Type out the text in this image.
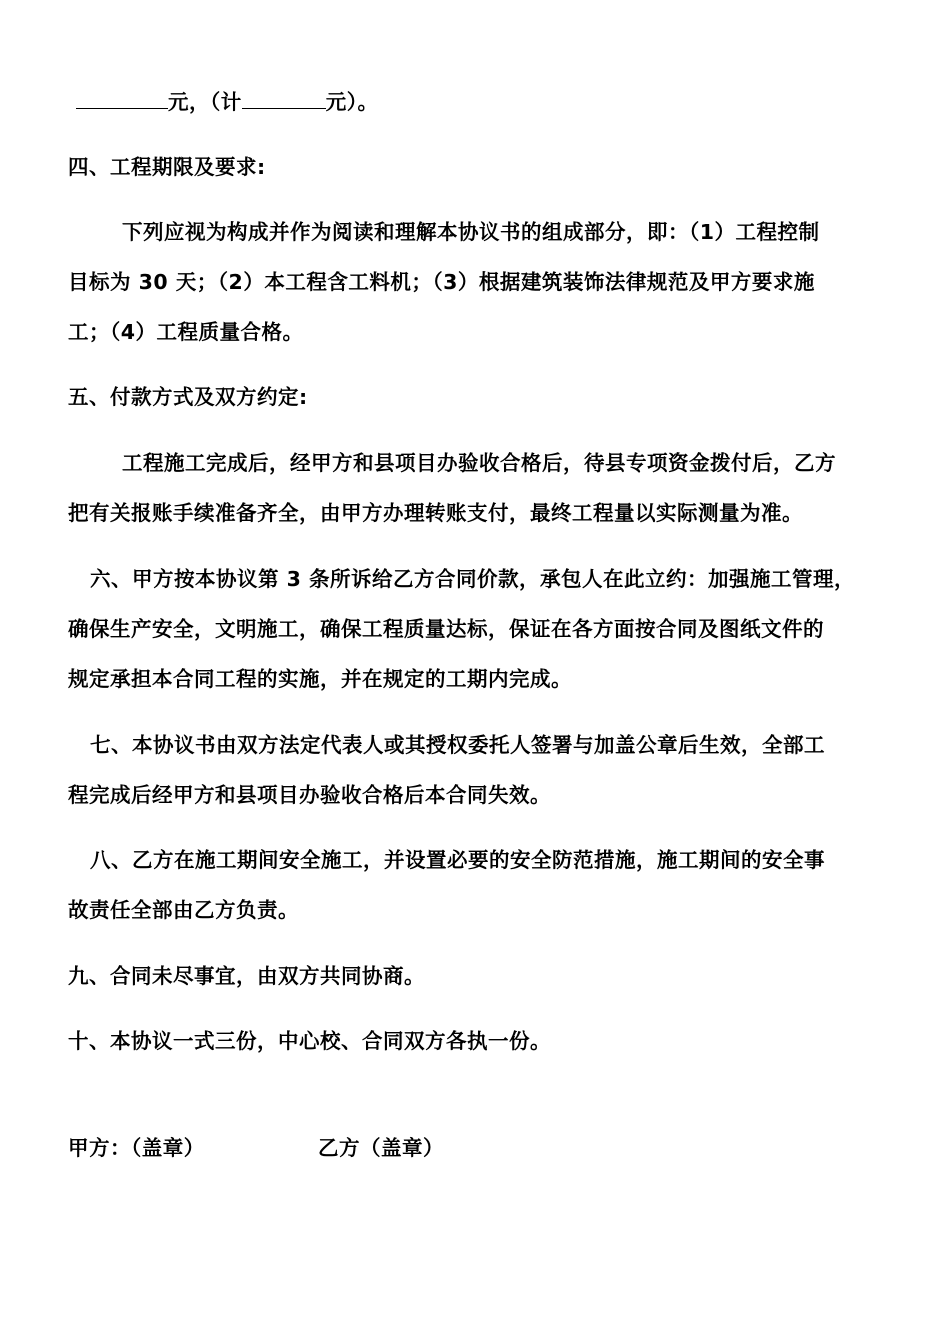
元，（计	元）。
四、工程期限及要求:
下列应视为构成并作为阅读和理解本协议书的组成部分，即：（1）工程控制
目标为 30 天；（2）本工程含工料机；（3）根据建筑装饰法律规范及甲方要求施
工；（4）工程质量合格。
五、付款方式及双方约定:
工程施工完成后，经甲方和县项目办验收合格后，待县专项资金拨付后，乙方
把有关报账手续准备齐全，由甲方办理转账支付，最终工程量以实际测量为准。
六、甲方按本协议第 3 条所诉给乙方合同价款，承包人在此立约：加强施工管理，
确保生产安全，文明施工，确保工程质量达标，保证在各方面按合同及图纸文件的
规定承担本合同工程的实施，并在规定的工期内完成。
七、本协议书由双方法定代表人或其授权委托人签署与加盖公章后生效，全部工
程完成后经甲方和县项目办验收合格后本合同失效。
八、乙方在施工期间安全施工，并设置必要的安全防范措施，施工期间的安全事
故责任全部由乙方负责。
九、合同未尽事宜，由双方共同协商。
十、本协议一式三份，中心校、合同双方各执一份。
甲方：（盖章）	乙方（盖章）
